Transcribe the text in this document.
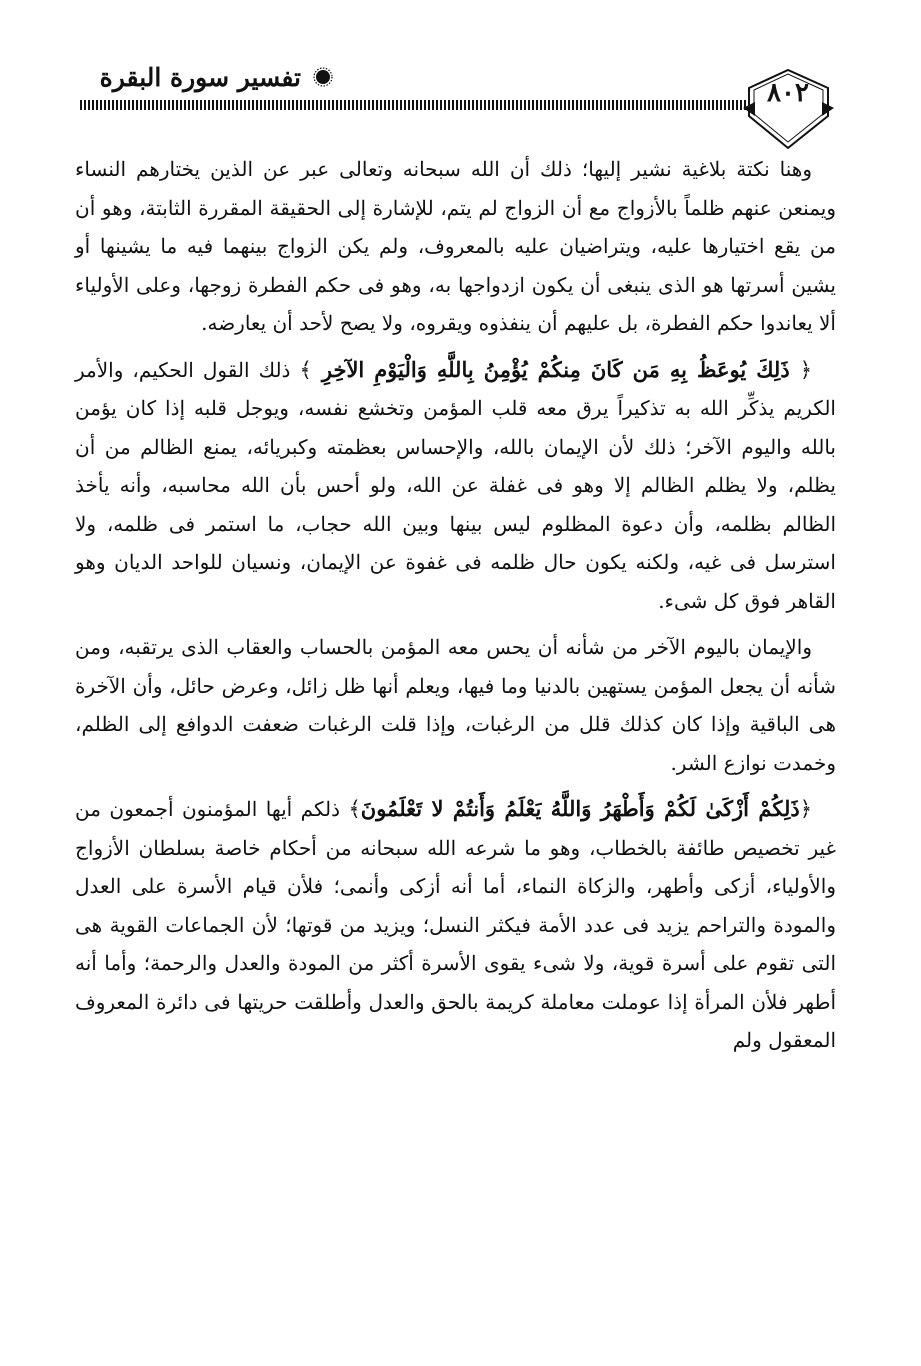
تفسير سورة البقرة
٨٠٢

وهنا نكتة بلاغية نشير إليها؛ ذلك أن الله سبحانه وتعالى عبر عن الذين يختارهم النساء ويمنعن عنهم ظلماً بالأزواج مع أن الزواج لم يتم، للإشارة إلى الحقيقة المقررة الثابتة، وهو أن من يقع اختيارها عليه، ويتراضيان عليه بالمعروف، ولم يكن الزواج بينهما فيه ما يشينها أو يشين أسرتها هو الذى ينبغى أن يكون ازدواجها به، وهو فى حكم الفطرة زوجها، وعلى الأولياء ألا يعاندوا حكم الفطرة، بل عليهم أن ينفذوه ويقروه، ولا يصح لأحد أن يعارضه.

﴿ ذَلِكَ يُوعَظُ بِهِ مَن كَانَ مِنكُمْ يُؤْمِنُ بِاللَّهِ وَالْيَوْمِ الآخِرِ ﴾ ذلك القول الحكيم، والأمر الكريم يذكِّر الله به تذكيراً يرق معه قلب المؤمن وتخشع نفسه، ويوجل قلبه إذا كان يؤمن بالله واليوم الآخر؛ ذلك لأن الإيمان بالله، والإحساس بعظمته وكبريائه، يمنع الظالم من أن يظلم، ولا يظلم الظالم إلا وهو فى غفلة عن الله، ولو أحس بأن الله محاسبه، وأنه يأخذ الظالم بظلمه، وأن دعوة المظلوم ليس بينها وبين الله حجاب، ما استمر فى ظلمه، ولا استرسل فى غيه، ولكنه يكون حال ظلمه فى غفوة عن الإيمان، ونسيان للواحد الديان وهو القاهر فوق كل شىء.

والإيمان باليوم الآخر من شأنه أن يحس معه المؤمن بالحساب والعقاب الذى يرتقبه، ومن شأنه أن يجعل المؤمن يستهين بالدنيا وما فيها، ويعلم أنها ظل زائل، وعرض حائل، وأن الآخرة هى الباقية وإذا كان كذلك قلل من الرغبات، وإذا قلت الرغبات ضعفت الدوافع إلى الظلم، وخمدت نوازع الشر.

﴿ذَلِكُمْ أَزْكَىٰ لَكُمْ وَأَطْهَرُ وَاللَّهُ يَعْلَمُ وَأَنتُمْ لا تَعْلَمُونَ﴾ ذلكم أيها المؤمنون أجمعون من غير تخصيص طائفة بالخطاب، وهو ما شرعه الله سبحانه من أحكام خاصة بسلطان الأزواج والأولياء، أزكى وأطهر، والزكاة النماء، أما أنه أزكى وأنمى؛ فلأن قيام الأسرة على العدل والمودة والتراحم يزيد فى عدد الأمة فيكثر النسل؛ ويزيد من قوتها؛ لأن الجماعات القوية هى التى تقوم على أسرة قوية، ولا شىء يقوى الأسرة أكثر من المودة والعدل والرحمة؛ وأما أنه أطهر فلأن المرأة إذا عوملت معاملة كريمة بالحق والعدل وأطلقت حريتها فى دائرة المعروف المعقول ولم
